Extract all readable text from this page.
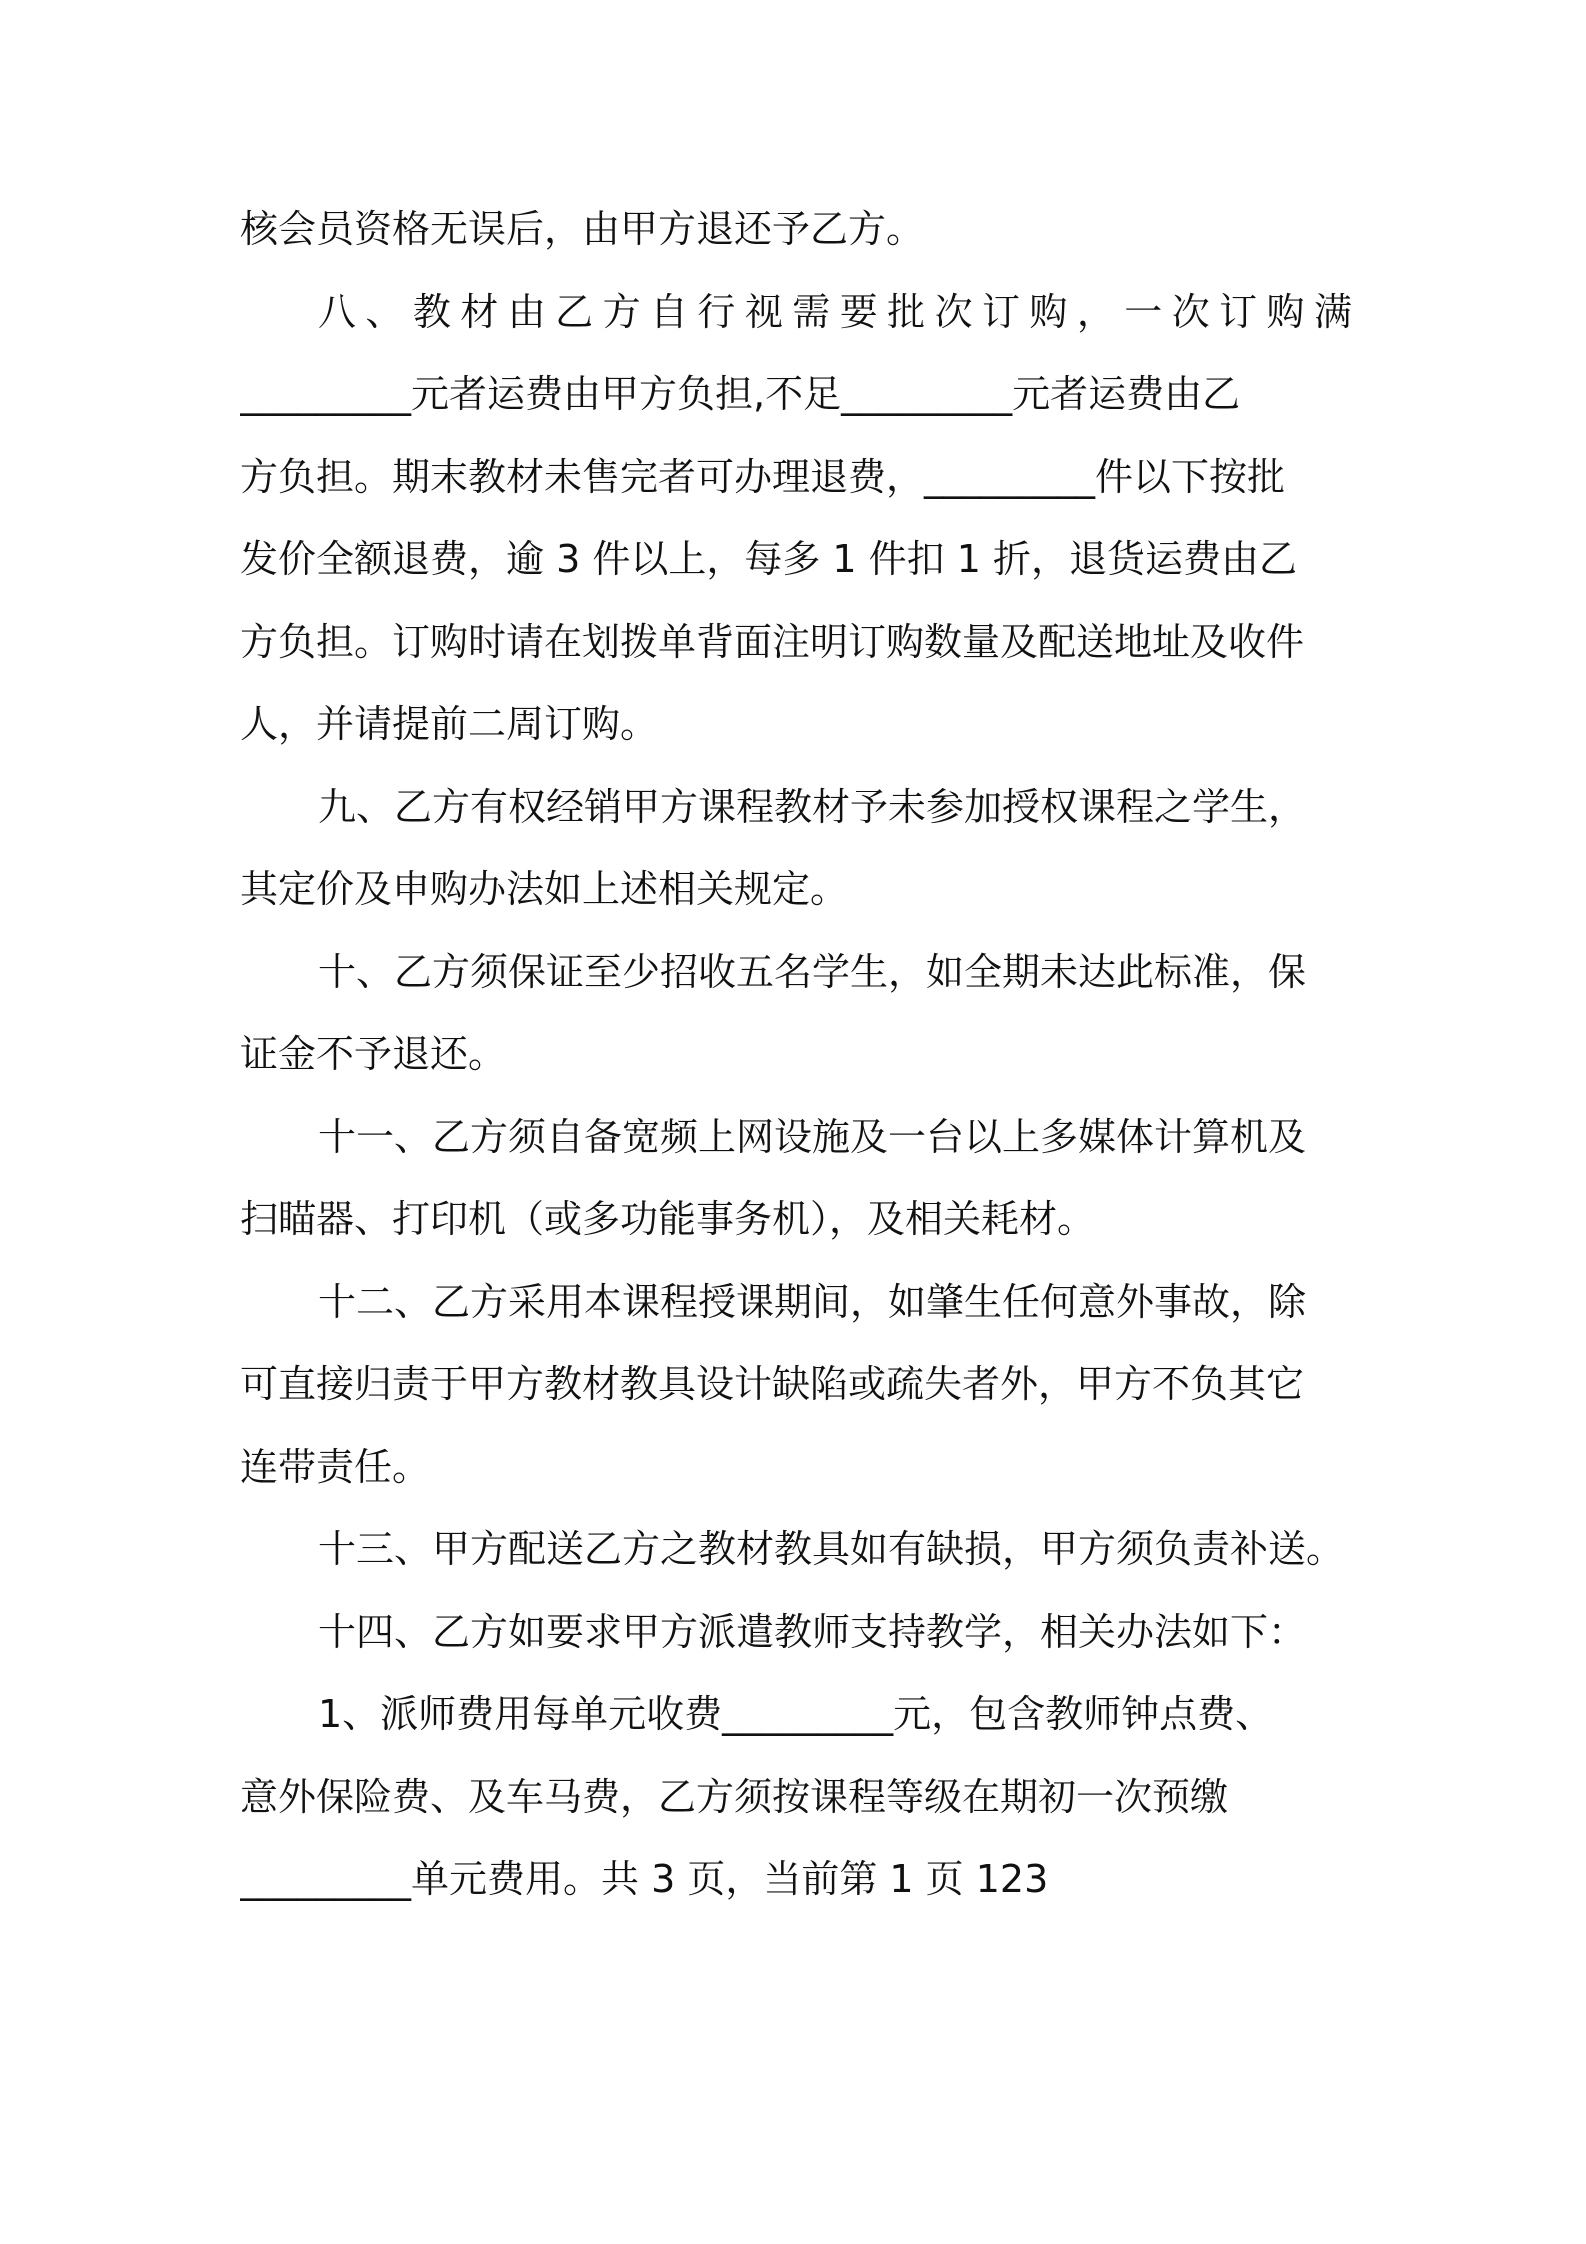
核会员资格无误后，由甲方退还予乙方。
八、教材由乙方自行视需要批次订购，一次订购满
_________元者运费由甲方负担,不足_________元者运费由乙
方负担。期末教材未售完者可办理退费，_________件以下按批
发价全额退费，逾 3 件以上，每多 1 件扣 1 折，退货运费由乙
方负担。订购时请在划拨单背面注明订购数量及配送地址及收件
人，并请提前二周订购。
九、乙方有权经销甲方课程教材予未参加授权课程之学生，
其定价及申购办法如上述相关规定。
十、乙方须保证至少招收五名学生，如全期未达此标准，保
证金不予退还。
十一、乙方须自备宽频上网设施及一台以上多媒体计算机及
扫瞄器、打印机（或多功能事务机），及相关耗材。
十二、乙方采用本课程授课期间，如肇生任何意外事故，除
可直接归责于甲方教材教具设计缺陷或疏失者外，甲方不负其它
连带责任。
十三、甲方配送乙方之教材教具如有缺损，甲方须负责补送。
十四、乙方如要求甲方派遣教师支持教学，相关办法如下：
1、派师费用每单元收费_________元，包含教师钟点费、
意外保险费、及车马费，乙方须按课程等级在期初一次预缴
_________单元费用。共 3 页，当前第 1 页 123
